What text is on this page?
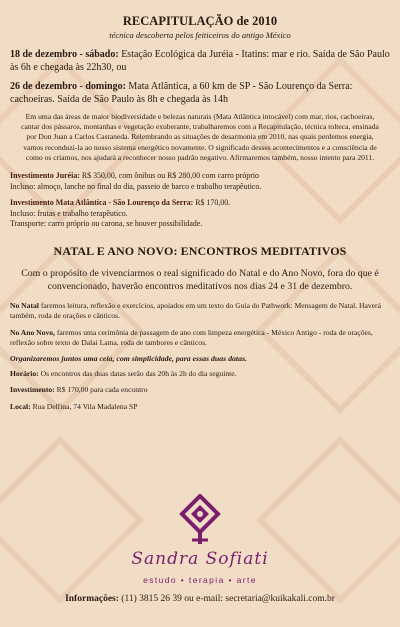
RECAPITULAÇÃO de 2010
técnica descoberta pelos feiticeiros do antigo México
18 de dezembro - sábado: Estação Ecológica da Juréia - Itatins: mar e rio. Saída de São Paulo às 6h e chegada às 22h30, ou
26 de dezembro - domingo: Mata Atlântica, a 60 km de SP - São Lourenço da Serra: cachoeiras. Saída de São Paulo às 8h e chegada às 14h

Em uma das áreas de maior biodiversidade e belezas naturais (Mata Atlântica intocável) com mar, rios, cachoeiras, cantar dos pássaros, montanhas e vegetação exuberante, trabalharemos com a Recapitulação, técnica tolteca, ensinada por Don Juan a Carlos Castaneda. Relembrando as situações de desarmonia em 2010, nas quais perdemos energia, vamos reconduzi-la ao nosso sistema energético novamente. O significado desses acontecimentos e a consciência de como os criamos, nos ajudará a reconhecer nosso padrão negativo. Afirmaremos também, nosso intento para 2011.

Investimento Juréia: R$ 350,00, com ônibus ou R$ 280,00 com carro próprio
Incluso: almoço, lanche no final do dia, passeio de barco e trabalho terapêutico.
Investimento Mata Atlântica - São Lourenço da Serra: R$ 170,00.
Incluso: frutas e trabalho terapêutico.
Transporte: carro próprio ou carona, se houver possibilidade.
NATAL E ANO NOVO: ENCONTROS MEDITATIVOS

Com o propósito de vivenciarmos o real significado do Natal e do Ano Novo, fora do que é convencionado, haverão encontros meditativos nos dias 24 e 31 de dezembro.

No Natal faremos leitura, reflexão e exercícios, apoiados em um texto do Guia do Pathwork: Mensagem de Natal. Haverá também, roda de orações e cânticos.

No Ano Novo, faremos uma cerimônia de passagem de ano com limpeza energética - México Antigo - roda de orações, reflexão sobre texto de Dalai Lama, roda de tambores e cânticos.

Organizaremos juntos uma ceia, com simplicidade, para essas duas datas.

Horário: Os encontros das duas datas serão das 20h às 2h do dia seguinte.

Investimento: R$ 170,00 para cada encontro

Local: Rua Delfina, 74 Vila Madalena SP

Sandra Sofiati
estudo • terapia • arte
Informações: (11) 3815 26 39 ou e-mail: secretaria@kuikakali.com.br
